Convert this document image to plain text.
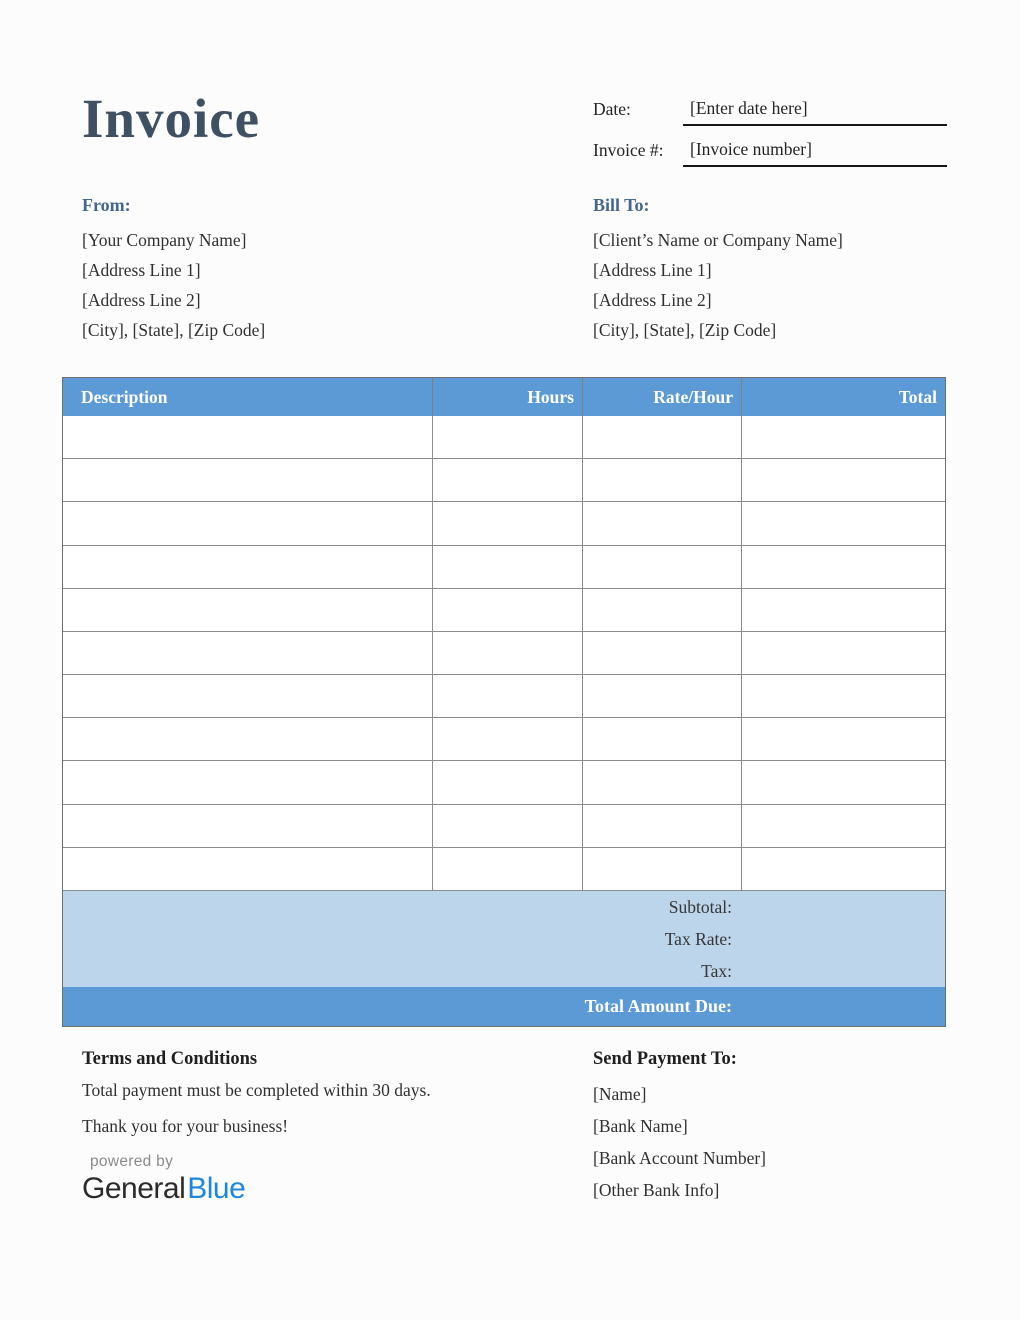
Invoice	Date:	[Enter date here]
Invoice #:	[Invoice number]
From:
[Your Company Name]
[Address Line 1]
[Address Line 2]
[City], [State], [Zip Code]
Bill To:
[Client’s Name or Company Name]
[Address Line 1]
[Address Line 2]
[City], [State], [Zip Code]
Description	Hours	Rate/Hour	Total
Subtotal:
Tax Rate:
Tax:
Total Amount Due:
Terms and Conditions

Total payment must be completed within 30 days.

Thank you for your business!

Send Payment To:
[Name]
[Bank Name]
[Bank Account Number]
[Other Bank Info]
powered by
GeneralBlue
